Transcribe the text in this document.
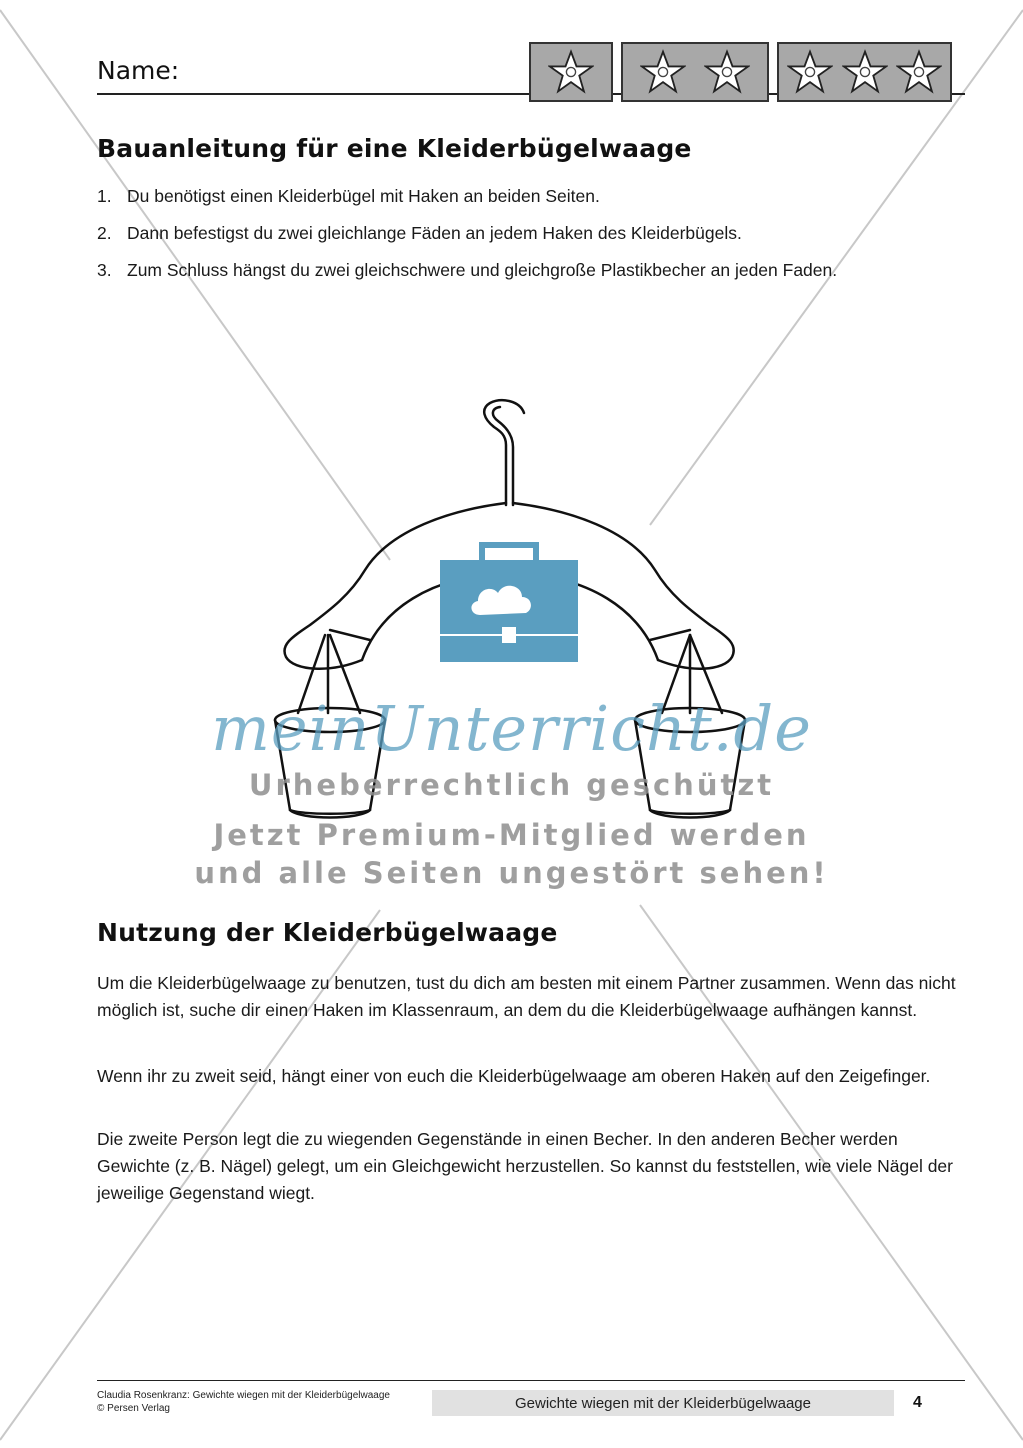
Name:
Bauanleitung für eine Kleiderbügelwaage
1. Du benötigst einen Kleiderbügel mit Haken an beiden Seiten.
2. Dann befestigst du zwei gleichlange Fäden an jedem Haken des Kleiderbügels.
3. Zum Schluss hängst du zwei gleichschwere und gleichgroße Plastikbecher an jeden Faden.
meinUnterricht.de
Urheberrechtlich geschützt
Jetzt Premium-Mitglied werden
und alle Seiten ungestört sehen!
Nutzung der Kleiderbügelwaage

Um die Kleiderbügelwaage zu benutzen, tust du dich am besten mit einem Partner zusammen. Wenn das nicht möglich ist, suche dir einen Haken im Klassenraum, an dem du die Kleiderbügelwaage aufhängen kannst.

Wenn ihr zu zweit seid, hängt einer von euch die Kleiderbügelwaage am oberen Haken auf den Zeigefinger.

Die zweite Person legt die zu wiegenden Gegenstände in einen Becher. In den anderen Becher werden Gewichte (z. B. Nägel) gelegt, um ein Gleichgewicht herzustellen. So kannst du feststellen, wie viele Nägel der jeweilige Gegenstand wiegt.

Claudia Rosenkranz: Gewichte wiegen mit der Kleiderbügelwaage
© Persen Verlag	Gewichte wiegen mit der Kleiderbügelwaage	4
